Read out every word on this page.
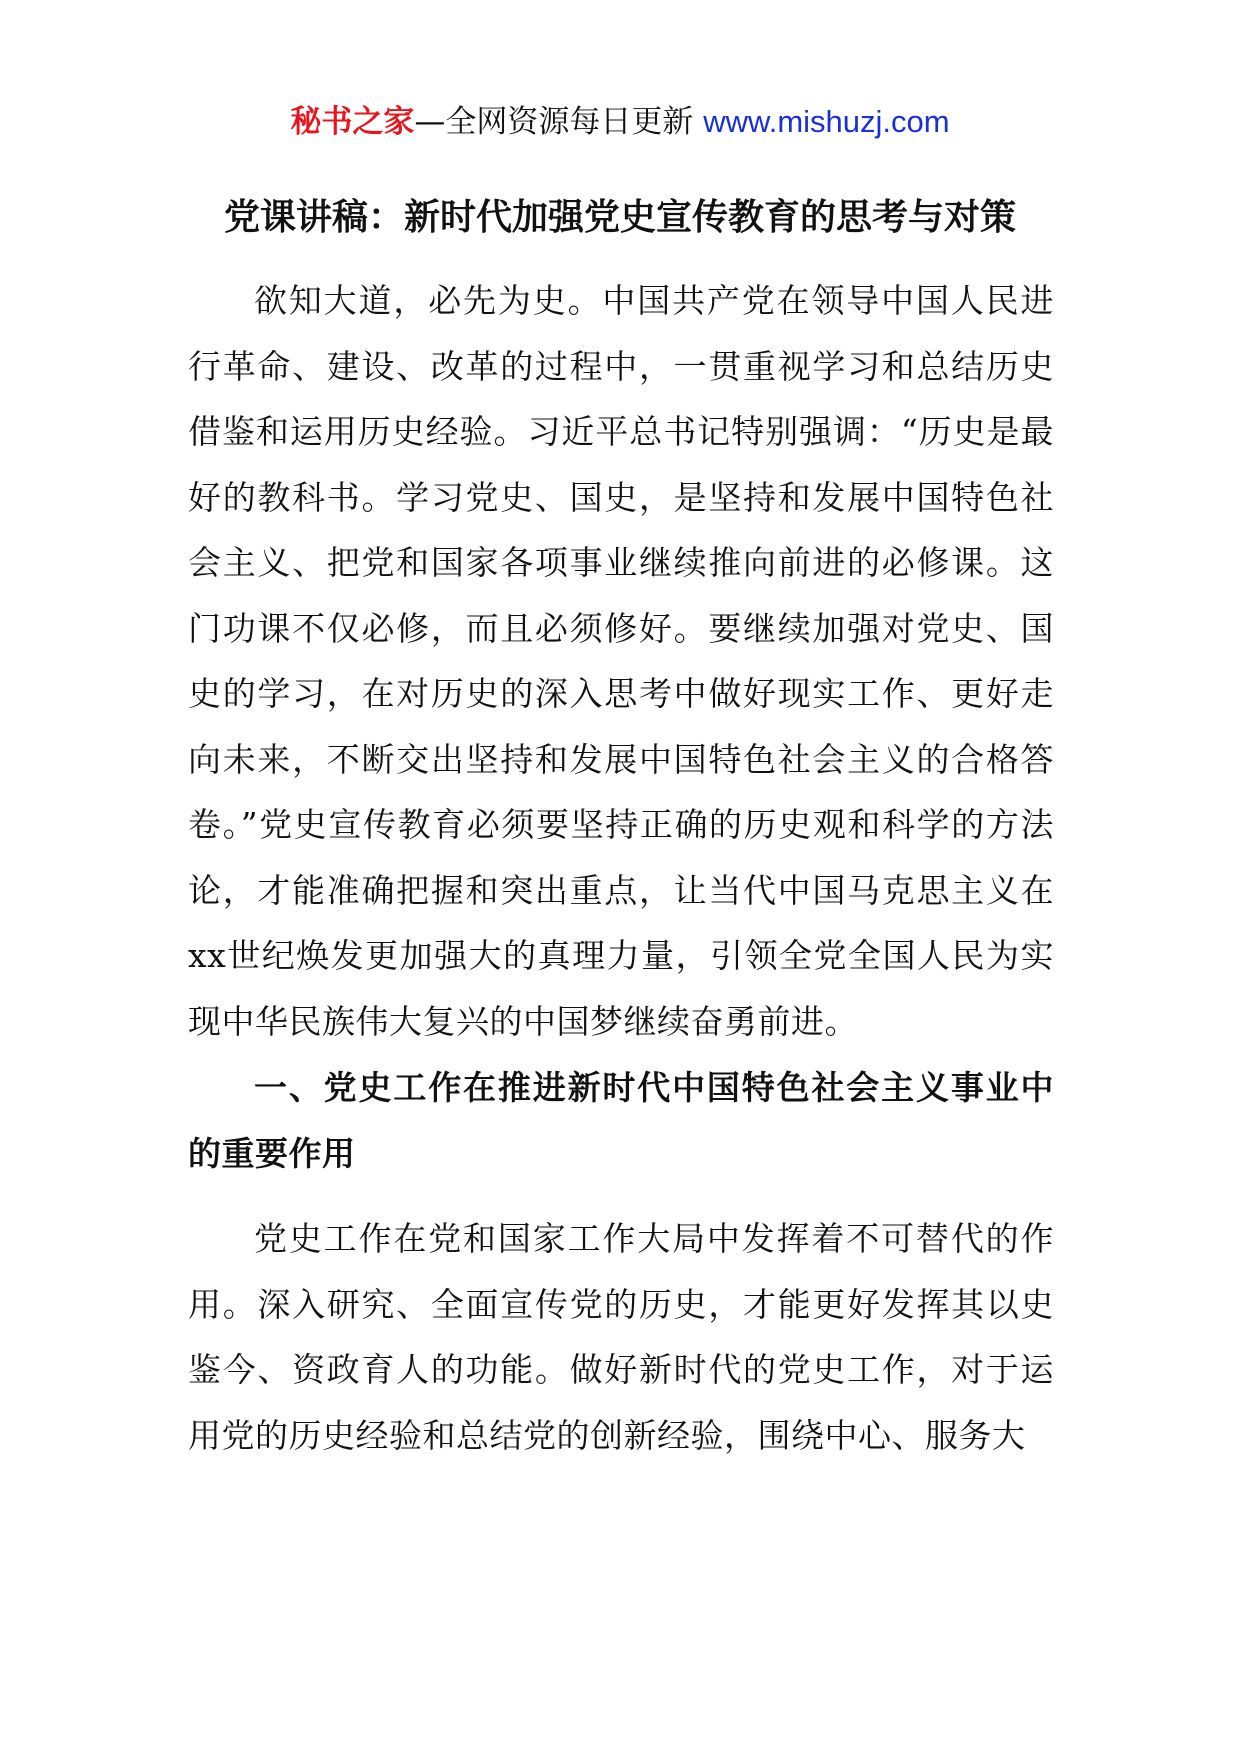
秘书之家—全网资源每日更新 www.mishuzj.com
党课讲稿：新时代加强党史宣传教育的思考与对策

欲知大道，必先为史。中国共产党在领导中国人民进行革命、建设、改革的过程中，一贯重视学习和总结历史借鉴和运用历史经验。习近平总书记特别强调：“历史是最好的教科书。学习党史、国史，是坚持和发展中国特色社会主义、把党和国家各项事业继续推向前进的必修课。这门功课不仅必修，而且必须修好。要继续加强对党史、国史的学习，在对历史的深入思考中做好现实工作、更好走向未来，不断交出坚持和发展中国特色社会主义的合格答卷。”党史宣传教育必须要坚持正确的历史观和科学的方法论，才能准确把握和突出重点，让当代中国马克思主义在xx世纪焕发更加强大的真理力量，引领全党全国人民为实现中华民族伟大复兴的中国梦继续奋勇前进。

一、党史工作在推进新时代中国特色社会主义事业中的重要作用

党史工作在党和国家工作大局中发挥着不可替代的作用。深入研究、全面宣传党的历史，才能更好发挥其以史鉴今、资政育人的功能。做好新时代的党史工作，对于运用党的历史经验和总结党的创新经验，围绕中心、服务大
